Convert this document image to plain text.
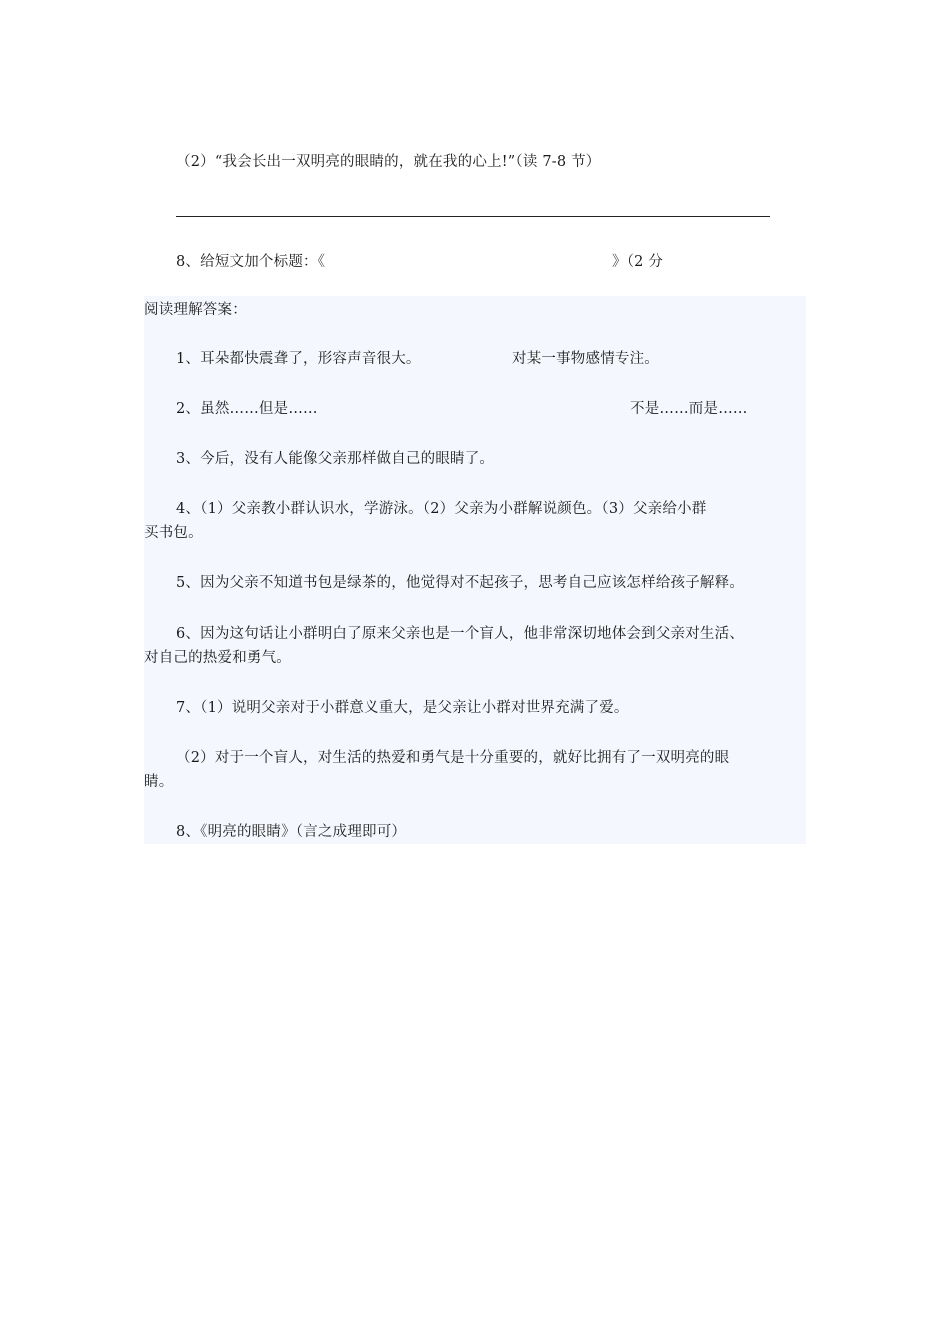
（2）“我会长出一双明亮的眼睛的，就在我的心上!”（读 7-8 节）
8、给短文加个标题：《	》（2 分
阅读理解答案：
1、耳朵都快震聋了，形容声音很大。	对某一事物感情专注。
2、虽然……但是……	不是……而是……
3、今后，没有人能像父亲那样做自己的眼睛了。
4、（1）父亲教小群认识水，学游泳。（2）父亲为小群解说颜色。（3）父亲给小群
买书包。
5、因为父亲不知道书包是绿茶的，他觉得对不起孩子，思考自己应该怎样给孩子解释。
6、因为这句话让小群明白了原来父亲也是一个盲人，他非常深切地体会到父亲对生活、
对自己的热爱和勇气。
7、（1）说明父亲对于小群意义重大，是父亲让小群对世界充满了爱。
（2）对于一个盲人，对生活的热爱和勇气是十分重要的，就好比拥有了一双明亮的眼
睛。
8、《明亮的眼睛》（言之成理即可）
